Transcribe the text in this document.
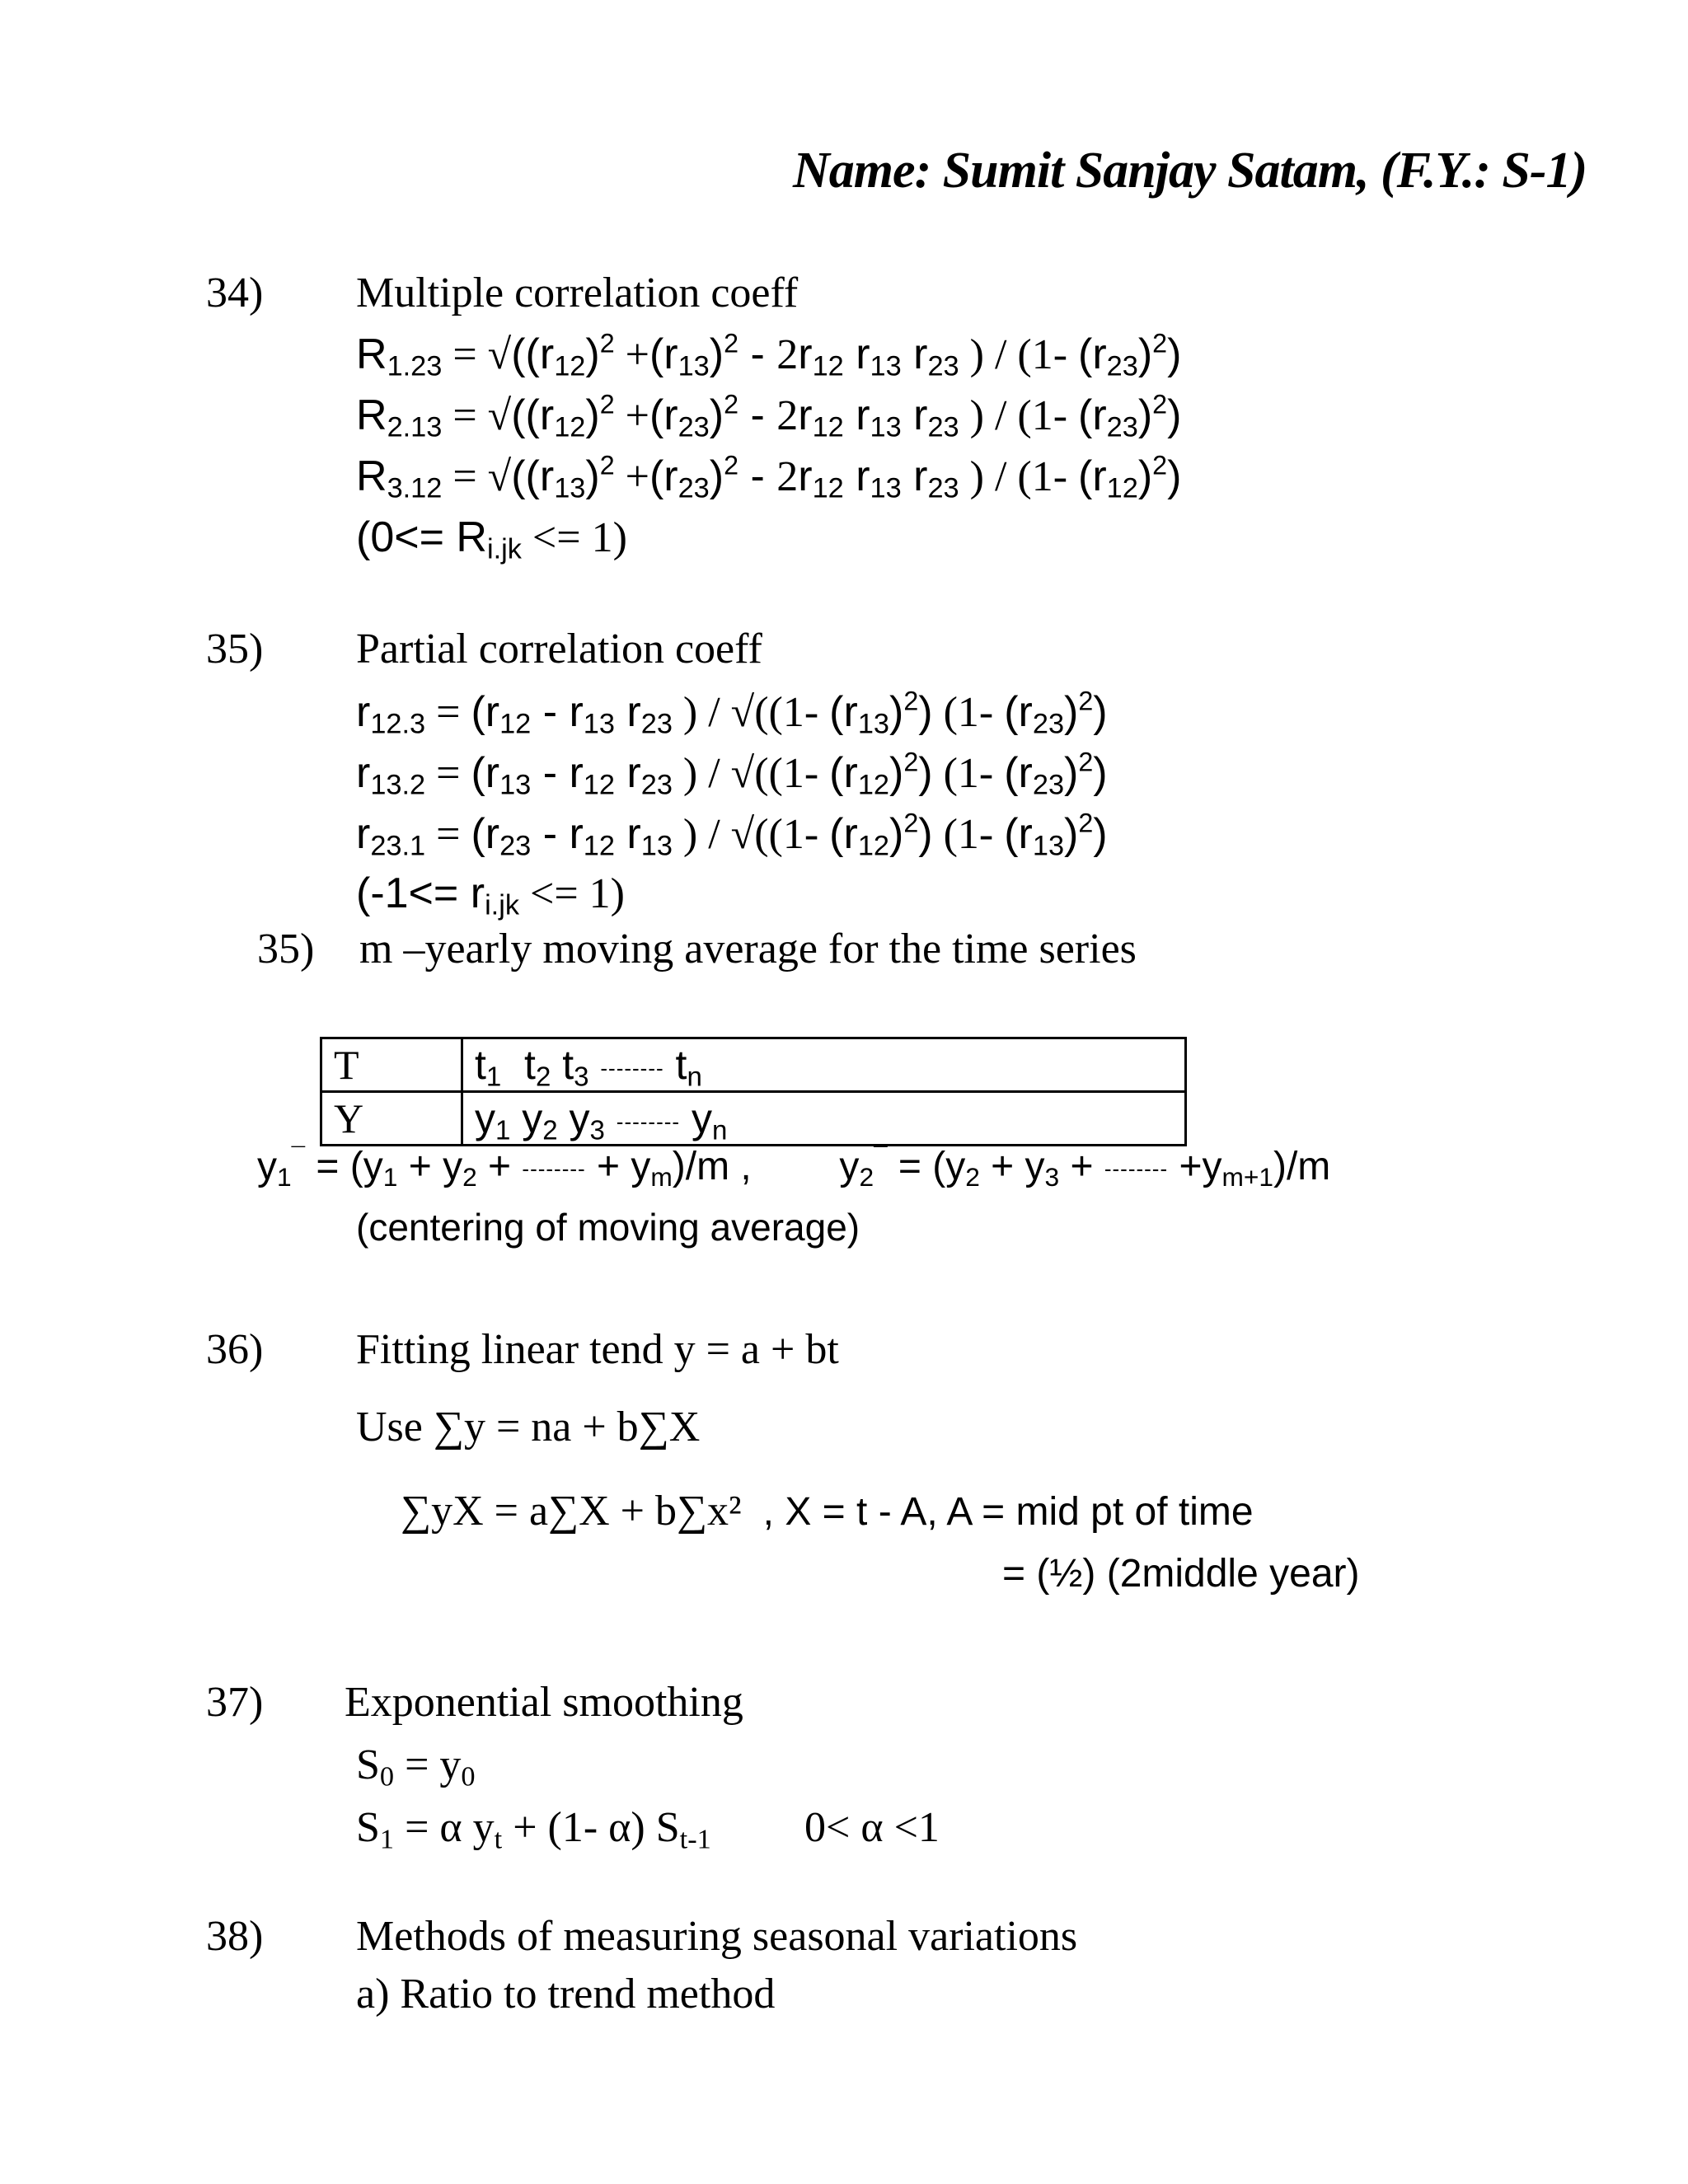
Name: Sumit Sanjay Satam, (F.Y.: S-1)
34) Multiple correlation coeff
$R_{1.23} = √((r_{12})^2 +(r_{13})^2 - 2r_{12}$ $r_{13}$ $r_{23}$ ) / (1- $(r_{23})^2$)
$R_{2.13} = √((r_{12})^2 +(r_{23})^2 - 2r_{12}$ $r_{13}$ $r_{23}$ ) / (1- $(r_{23})^2$)
$R_{3.12} = √((r_{13})^2 +(r_{23})^2 - 2r_{12}$ $r_{13}$ $r_{23}$ ) / (1- $(r_{12})^2$)
$(0<= R_{i.jk} <= 1)$
35) Partial correlation coeff
$r_{12.3} = (r_{12} - r_{13}$ $r_{23}$ ) / √((1- $(r_{13})^2$) (1- $(r_{23})^2$)
$r_{13.2} = (r_{13} - r_{12}$ $r_{23}$ ) / √((1- $(r_{12})^2$) (1- $(r_{23})^2$)
$r_{23.1} = (r_{23} - r_{12}$ $r_{13}$ ) / √((1- $(r_{12})^2$) (1- $(r_{13})^2$)
$(-1<= r_{i.jk} <= 1)$
35) m –yearly moving average for the time series
T	$t_1$  $t_2$ $t_3$ -------- $t_n$
Y	$y_1$ $y_2$ $y_3$ -------- $y_n$
$y_1^¯ = (y_1 + y_2$ + -------- + $y_m)/m$ ,        $y_2^¯ = (y_2 + y_3$ + -------- $+y_{m+1})/m$
(centering of moving average)
36) Fitting linear tend y = a + bt
Use ∑y = na + b∑X
∑yX = a∑X + b∑x² , X = t - A, A = mid pt of time
= (½) (2middle year)
37) Exponential smoothing
$S_0 = y_0$
$S_1 = \alpha$ $y_t + (1-$ α) $S_{t-1}$ 0< α <1
38) Methods of measuring seasonal variations
a) Ratio to trend method
